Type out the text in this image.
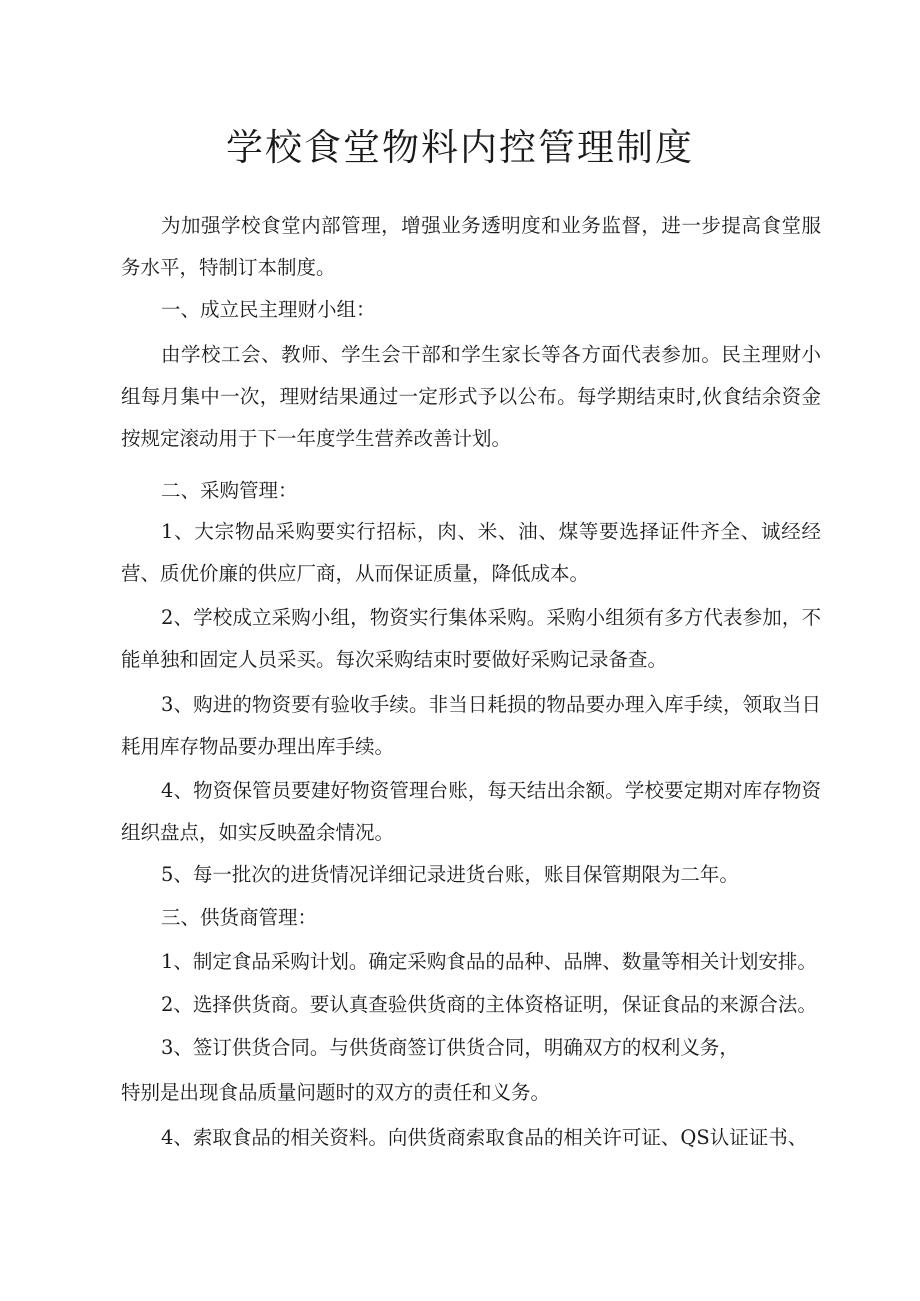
学校食堂物料内控管理制度

为加强学校食堂内部管理，增强业务透明度和业务监督，进一步提高食堂服务水平，特制订本制度。

一、成立民主理财小组：

由学校工会、教师、学生会干部和学生家长等各方面代表参加。民主理财小组每月集中一次，理财结果通过一定形式予以公布。每学期结束时,伙食结余资金按规定滚动用于下一年度学生营养改善计划。

二、采购管理：

1、大宗物品采购要实行招标，肉、米、油、煤等要选择证件齐全、诚经经营、质优价廉的供应厂商，从而保证质量，降低成本。

2、学校成立采购小组，物资实行集体采购。采购小组须有多方代表参加，不能单独和固定人员采买。每次采购结束时要做好采购记录备查。

3、购进的物资要有验收手续。非当日耗损的物品要办理入库手续，领取当日耗用库存物品要办理出库手续。

4、物资保管员要建好物资管理台账，每天结出余额。学校要定期对库存物资组织盘点，如实反映盈余情况。

5、每一批次的进货情况详细记录进货台账，账目保管期限为二年。

三、供货商管理：

1、制定食品采购计划。确定采购食品的品种、品牌、数量等相关计划安排。

2、选择供货商。要认真查验供货商的主体资格证明，保证食品的来源合法。

3、签订供货合同。与供货商签订供货合同，明确双方的权利义务，

特别是出现食品质量问题时的双方的责任和义务。

4、索取食品的相关资料。向供货商索取食品的相关许可证、QS认证证书、
